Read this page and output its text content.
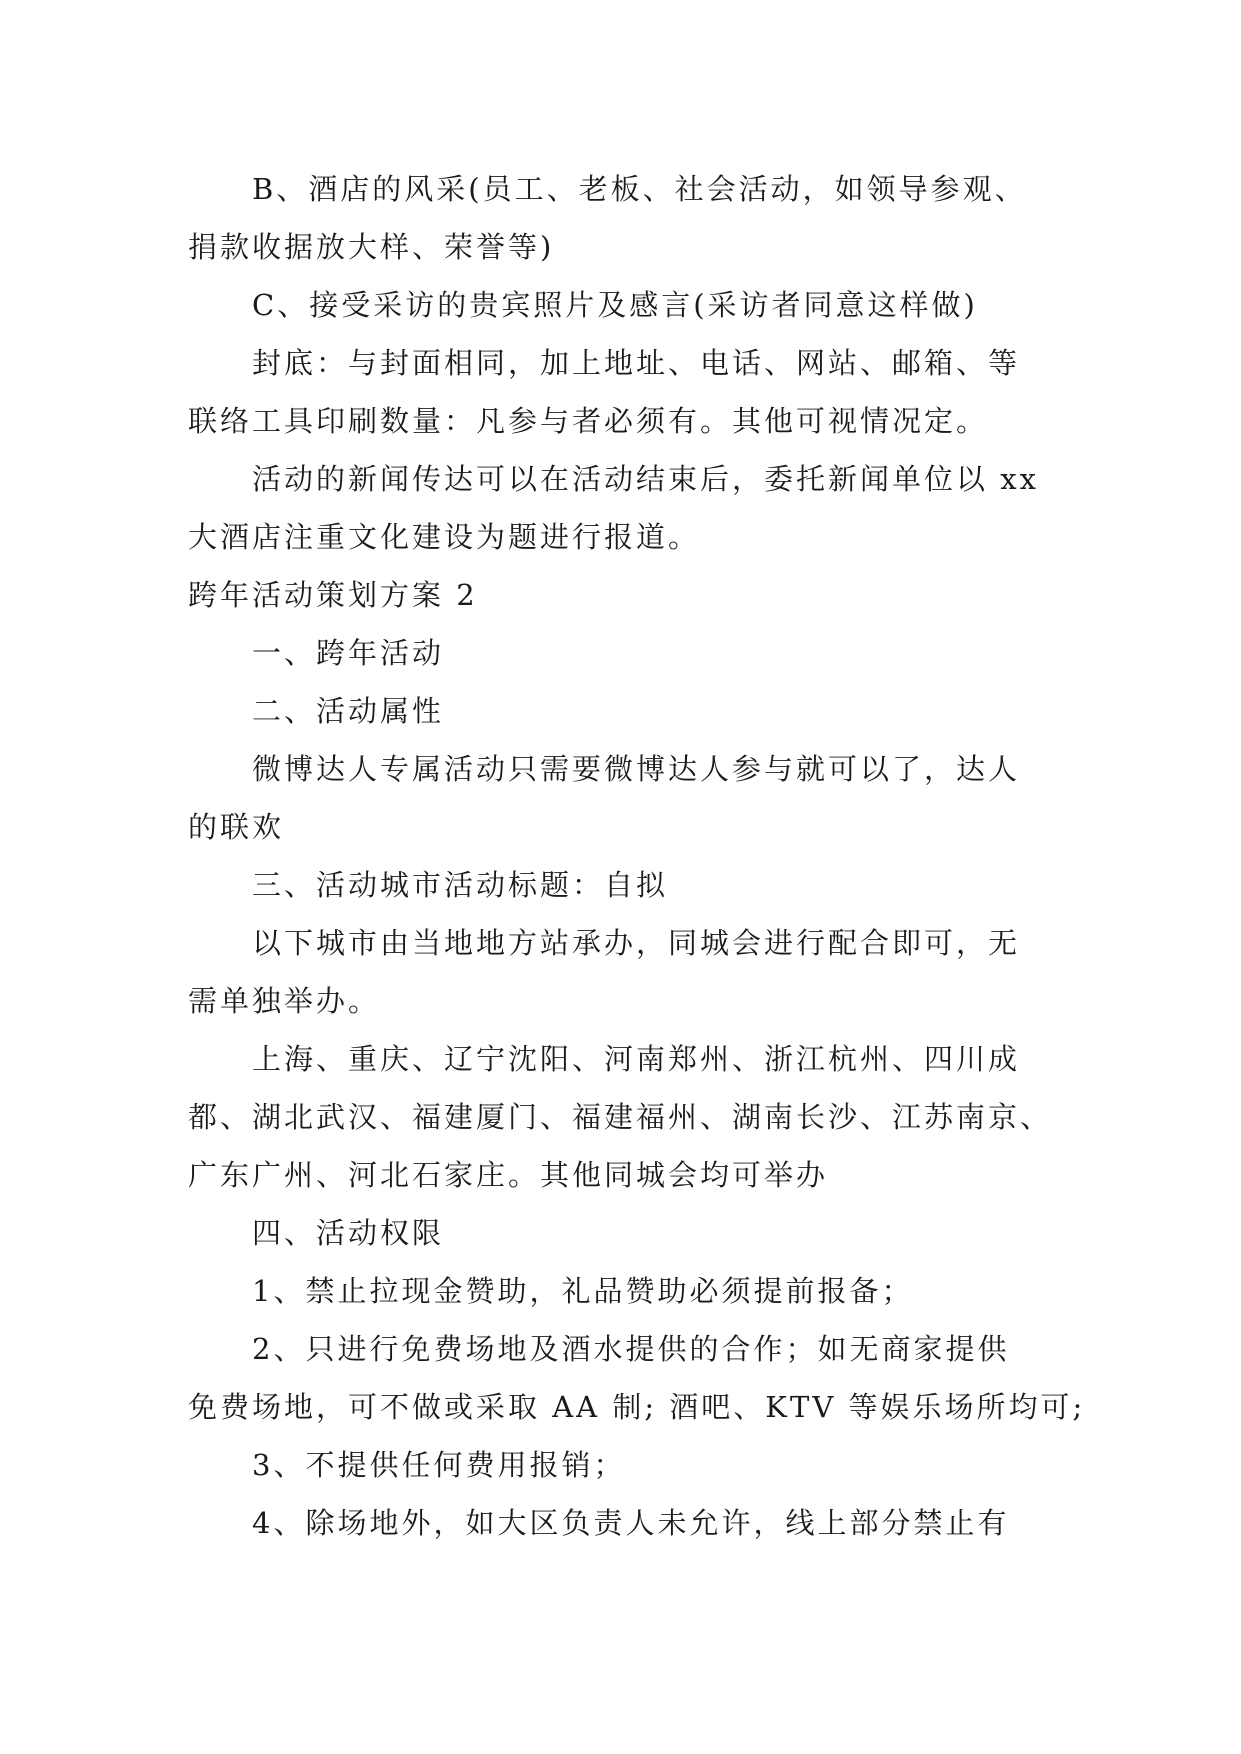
B、酒店的风采(员工、老板、社会活动，如领导参观、
捐款收据放大样、荣誉等)
C、接受采访的贵宾照片及感言(采访者同意这样做)
封底：与封面相同，加上地址、电话、网站、邮箱、等
联络工具印刷数量：凡参与者必须有。其他可视情况定。
活动的新闻传达可以在活动结束后，委托新闻单位以 xx
大酒店注重文化建设为题进行报道。
跨年活动策划方案 2
一、跨年活动
二、活动属性
微博达人专属活动只需要微博达人参与就可以了，达人
的联欢
三、活动城市活动标题：自拟
以下城市由当地地方站承办，同城会进行配合即可，无
需单独举办。
上海、重庆、辽宁沈阳、河南郑州、浙江杭州、四川成
都、湖北武汉、福建厦门、福建福州、湖南长沙、江苏南京、
广东广州、河北石家庄。其他同城会均可举办
四、活动权限
1、禁止拉现金赞助，礼品赞助必须提前报备；
2、只进行免费场地及酒水提供的合作；如无商家提供
免费场地，可不做或采取 AA 制; 酒吧、KTV 等娱乐场所均可;
3、不提供任何费用报销；
4、除场地外，如大区负责人未允许，线上部分禁止有
